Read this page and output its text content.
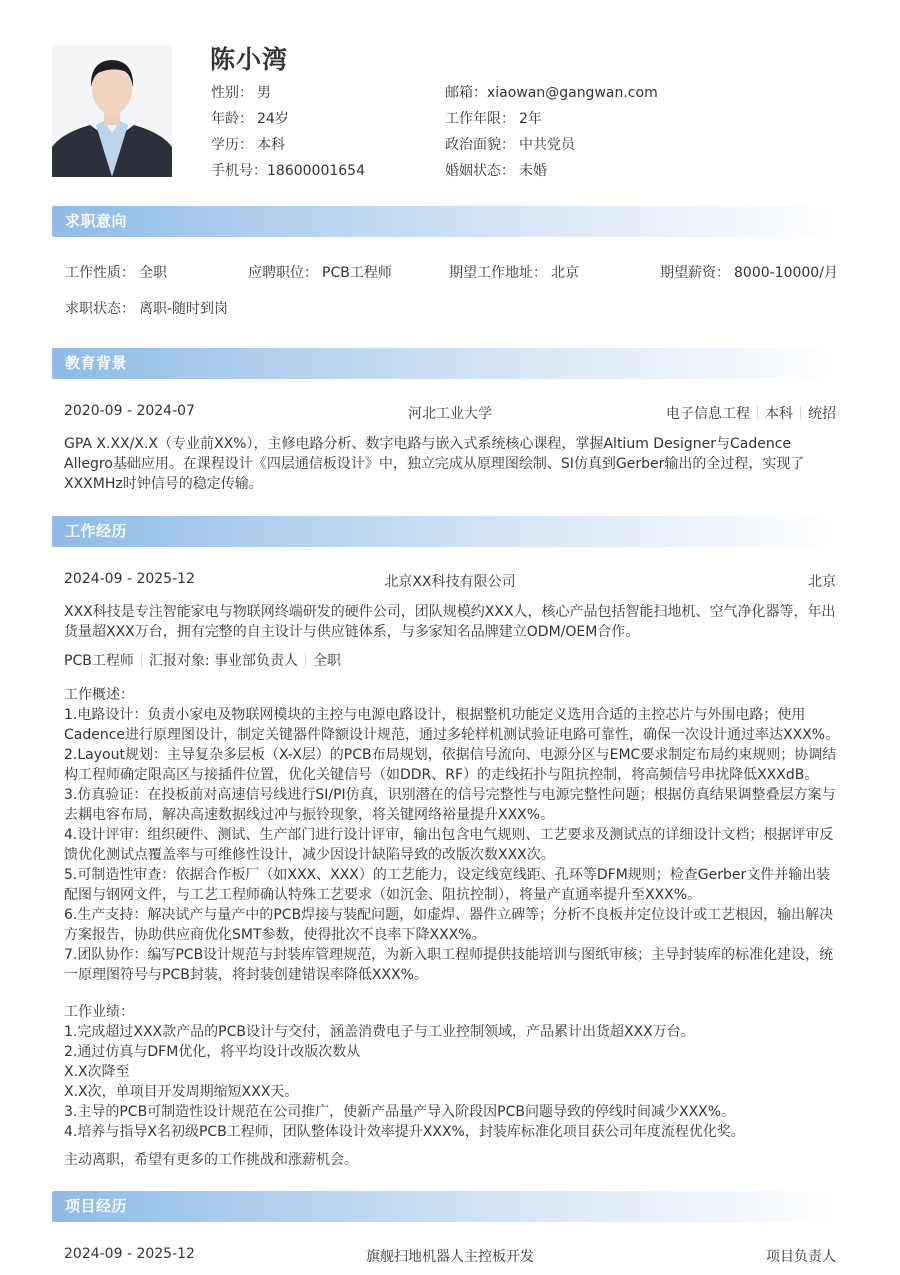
陈小湾
性别： 男	邮箱：xiaowan@gangwan.com
年龄： 24岁	工作年限： 2年
学历： 本科	政治面貌： 中共党员
手机号：18600001654	婚姻状态： 未婚
求职意向
工作性质： 全职	应聘职位： PCB工程师	期望工作地址： 北京	期望薪资： 8000-10000/月
求职状态： 离职-随时到岗
教育背景
2020-09 - 2024-07	河北工业大学	电子信息工程 本科 统招
GPA X.XX/X.X（专业前XX%），主修电路分析、数字电路与嵌入式系统核心课程，掌握Altium Designer与Cadence
Allegro基础应用。在课程设计《四层通信板设计》中，独立完成从原理图绘制、SI仿真到Gerber输出的全过程，实现了
XXXMHz时钟信号的稳定传输。
工作经历
2024-09 - 2025-12	北京XX科技有限公司	北京
XXX科技是专注智能家电与物联网终端研发的硬件公司，团队规模约XXX人，核心产品包括智能扫地机、空气净化器等，年出
货量超XXX万台，拥有完整的自主设计与供应链体系，与多家知名品牌建立ODM/OEM合作。
PCB工程师 汇报对象: 事业部负责人 全职
工作概述：
1.电路设计：负责小家电及物联网模块的主控与电源电路设计，根据整机功能定义选用合适的主控芯片与外围电路；使用
Cadence进行原理图设计，制定关键器件降额设计规范，通过多轮样机测试验证电路可靠性，确保一次设计通过率达XXX%。
2.Layout规划：主导复杂多层板（X-X层）的PCB布局规划，依据信号流向、电源分区与EMC要求制定布局约束规则；协调结
构工程师确定限高区与接插件位置，优化关键信号（如DDR、RF）的走线拓扑与阻抗控制，将高频信号串扰降低XXXdB。
3.仿真验证：在投板前对高速信号线进行SI/PI仿真，识别潜在的信号完整性与电源完整性问题；根据仿真结果调整叠层方案与
去耦电容布局，解决高速数据线过冲与振铃现象，将关键网络裕量提升XXX%。
4.设计评审：组织硬件、测试、生产部门进行设计评审，输出包含电气规则、工艺要求及测试点的详细设计文档；根据评审反
馈优化测试点覆盖率与可维修性设计，减少因设计缺陷导致的改版次数XXX次。
5.可制造性审查：依据合作板厂（如XXX、XXX）的工艺能力，设定线宽线距、孔环等DFM规则；检查Gerber文件并输出装
配图与钢网文件，与工艺工程师确认特殊工艺要求（如沉金、阻抗控制），将量产直通率提升至XXX%。
6.生产支持：解决试产与量产中的PCB焊接与装配问题，如虚焊、器件立碑等；分析不良板并定位设计或工艺根因，输出解决
方案报告，协助供应商优化SMT参数，使得批次不良率下降XXX%。
7.团队协作：编写PCB设计规范与封装库管理规范，为新入职工程师提供技能培训与图纸审核；主导封装库的标准化建设，统
一原理图符号与PCB封装，将封装创建错误率降低XXX%。
工作业绩：
1.完成超过XXX款产品的PCB设计与交付，涵盖消费电子与工业控制领域，产品累计出货超XXX万台。
2.通过仿真与DFM优化，将平均设计改版次数从
X.X次降至
X.X次，单项目开发周期缩短XXX天。
3.主导的PCB可制造性设计规范在公司推广，使新产品量产导入阶段因PCB问题导致的停线时间减少XXX%。
4.培养与指导X名初级PCB工程师，团队整体设计效率提升XXX%，封装库标准化项目获公司年度流程优化奖。
主动离职，希望有更多的工作挑战和涨薪机会。
项目经历
2024-09 - 2025-12	旗舰扫地机器人主控板开发	项目负责人
